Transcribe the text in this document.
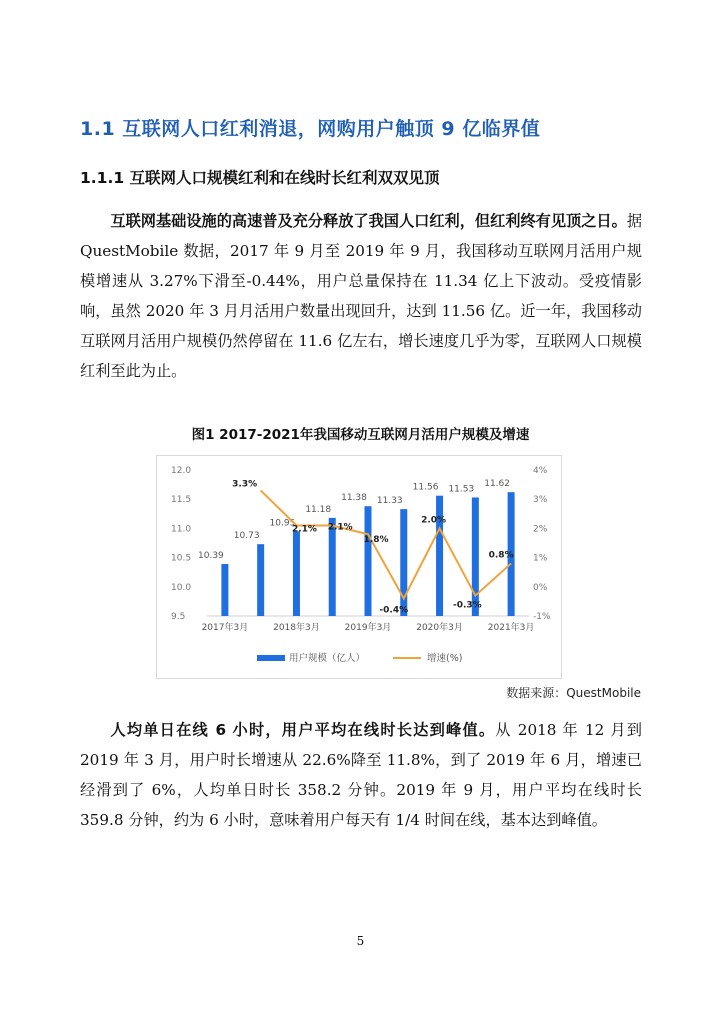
1.1 互联网人口红利消退，网购用户触顶 9 亿临界值
1.1.1 互联网人口规模红利和在线时长红利双双见顶

互联网基础设施的高速普及充分释放了我国人口红利，但红利终有见顶之日。据 QuestMobile 数据，2017 年 9 月至 2019 年 9 月，我国移动互联网月活用户规模增速从 3.27%下滑至-0.44%，用户总量保持在 11.34 亿上下波动。受疫情影响，虽然 2020 年 3 月月活用户数量出现回升，达到 11.56 亿。近一年，我国移动互联网月活用户规模仍然停留在 11.6 亿左右，增长速度几乎为零，互联网人口规模红利至此为止。

图1 2017-2021年我国移动互联网月活用户规模及增速
9.5
10.0
10.5
11.0
11.5
12.0
-1%
0%
1%
2%
3%
4%
10.39
10.73
10.95
11.18
11.38 11.33
11.56 11.53
11.62
3.3%
2.1% 2.1%
1.8%
-0.4%
2.0%
-0.3%
0.8%
2017年3月	2018年3月	2019年3月	2020年3月	2021年3月
用户规模（亿人）	增速(%)
数据来源：QuestMobile

人均单日在线 6 小时，用户平均在线时长达到峰值。从 2018 年 12 月到 2019 年 3 月，用户时长增速从 22.6%降至 11.8%，到了 2019 年 6 月，增速已经滑到了 6%，人均单日时长 358.2 分钟。2019 年 9 月，用户平均在线时长 359.8 分钟，约为 6 小时，意味着用户每天有 1/4 时间在线，基本达到峰值。

5
